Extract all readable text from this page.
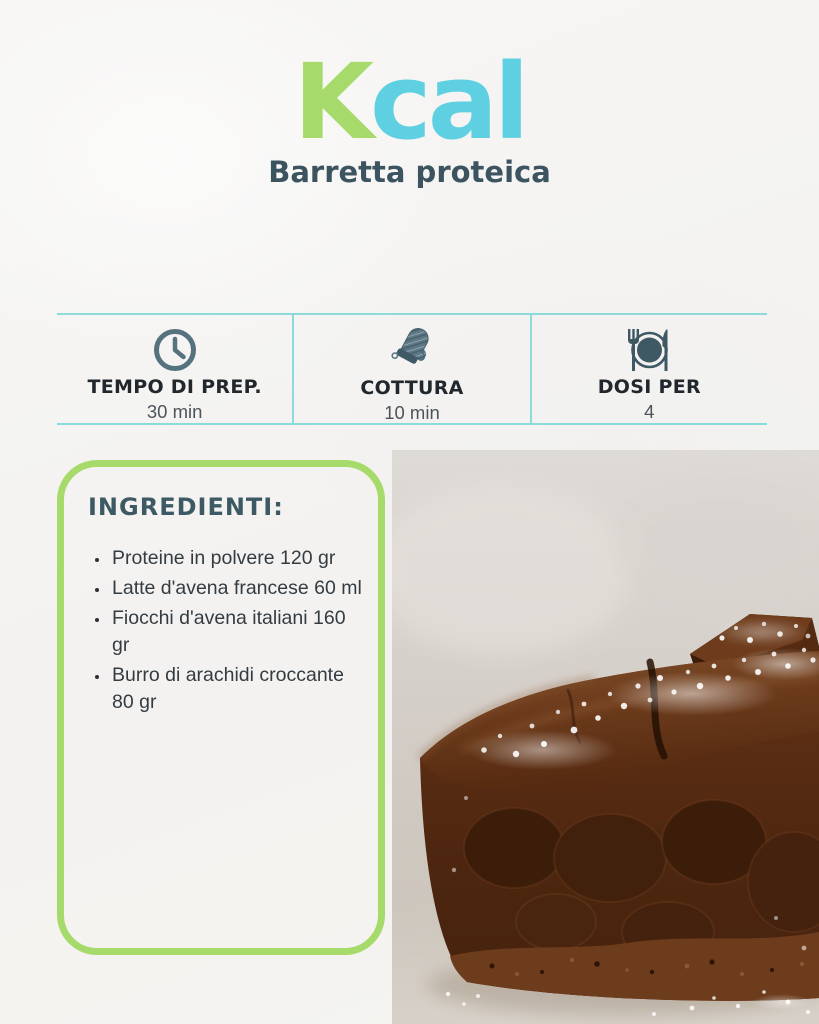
Kcal
Barretta proteica
TEMPO DI PREP.
30 min
COTTURA
10 min
DOSI PER
4
INGREDIENTI:
• Proteine in polvere 120 gr
• Latte d'avena francese 60 ml
• Fiocchi d'avena italiani 160 gr
• Burro di arachidi croccante 80 gr
